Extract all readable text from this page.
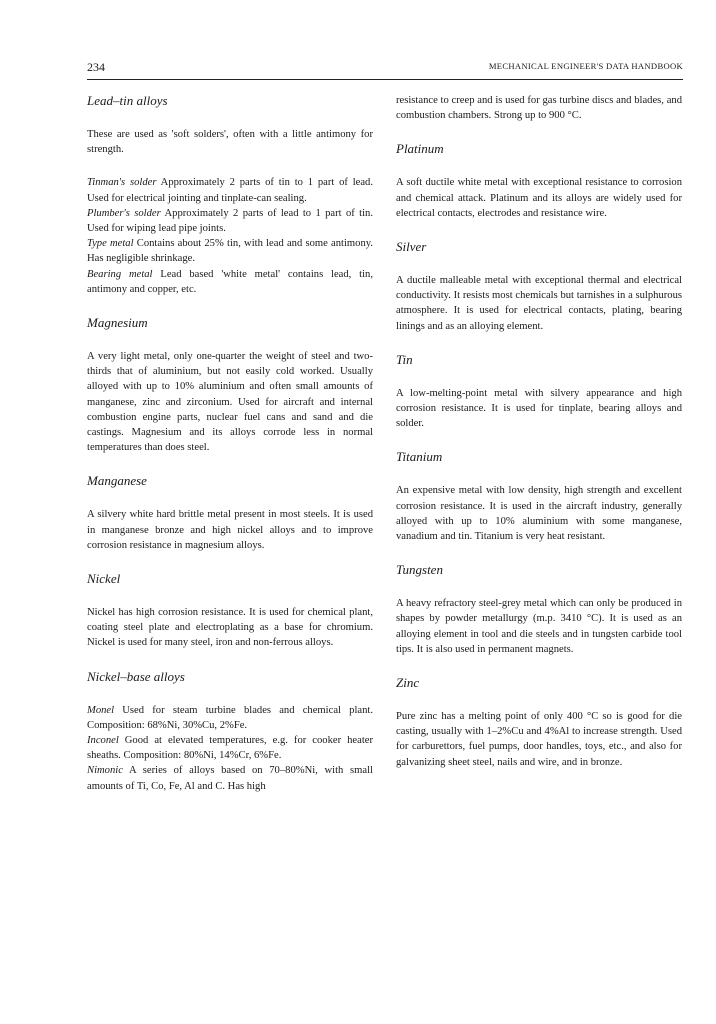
234	MECHANICAL ENGINEER'S DATA HANDBOOK
Lead–tin alloys

These are used as 'soft solders', often with a little antimony for strength.

Tinman's solder Approximately 2 parts of tin to 1 part of lead. Used for electrical jointing and tinplate-can sealing.

Plumber's solder Approximately 2 parts of lead to 1 part of tin. Used for wiping lead pipe joints.

Type metal Contains about 25% tin, with lead and some antimony. Has negligible shrinkage.

Bearing metal Lead based 'white metal' contains lead, tin, antimony and copper, etc.

Magnesium

A very light metal, only one-quarter the weight of steel and two-thirds that of aluminium, but not easily cold worked. Usually alloyed with up to 10% aluminium and often small amounts of manganese, zinc and zirconium. Used for aircraft and internal combustion engine parts, nuclear fuel cans and sand and die castings. Magnesium and its alloys corrode less in normal temperatures than does steel.

Manganese

A silvery white hard brittle metal present in most steels. It is used in manganese bronze and high nickel alloys and to improve corrosion resistance in magnesium alloys.

Nickel

Nickel has high corrosion resistance. It is used for chemical plant, coating steel plate and electroplating as a base for chromium. Nickel is used for many steel, iron and non-ferrous alloys.

Nickel–base alloys

Monel Used for steam turbine blades and chemical plant. Composition: 68%Ni, 30%Cu, 2%Fe.

Inconel Good at elevated temperatures, e.g. for cooker heater sheaths. Composition: 80%Ni, 14%Cr, 6%Fe.

Nimonic A series of alloys based on 70–80%Ni, with small amounts of Ti, Co, Fe, Al and C. Has high

resistance to creep and is used for gas turbine discs and blades, and combustion chambers. Strong up to 900 °C.

Platinum

A soft ductile white metal with exceptional resistance to corrosion and chemical attack. Platinum and its alloys are widely used for electrical contacts, electrodes and resistance wire.

Silver

A ductile malleable metal with exceptional thermal and electrical conductivity. It resists most chemicals but tarnishes in a sulphurous atmosphere. It is used for electrical contacts, plating, bearing linings and as an alloying element.

Tin

A low-melting-point metal with silvery appearance and high corrosion resistance. It is used for tinplate, bearing alloys and solder.

Titanium

An expensive metal with low density, high strength and excellent corrosion resistance. It is used in the aircraft industry, generally alloyed with up to 10% aluminium with some manganese, vanadium and tin. Titanium is very heat resistant.

Tungsten

A heavy refractory steel-grey metal which can only be produced in shapes by powder metallurgy (m.p. 3410 °C). It is used as an alloying element in tool and die steels and in tungsten carbide tool tips. It is also used in permanent magnets.

Zinc

Pure zinc has a melting point of only 400 °C so is good for die casting, usually with 1–2%Cu and 4%Al to increase strength. Used for carburettors, fuel pumps, door handles, toys, etc., and also for galvanizing sheet steel, nails and wire, and in bronze.
